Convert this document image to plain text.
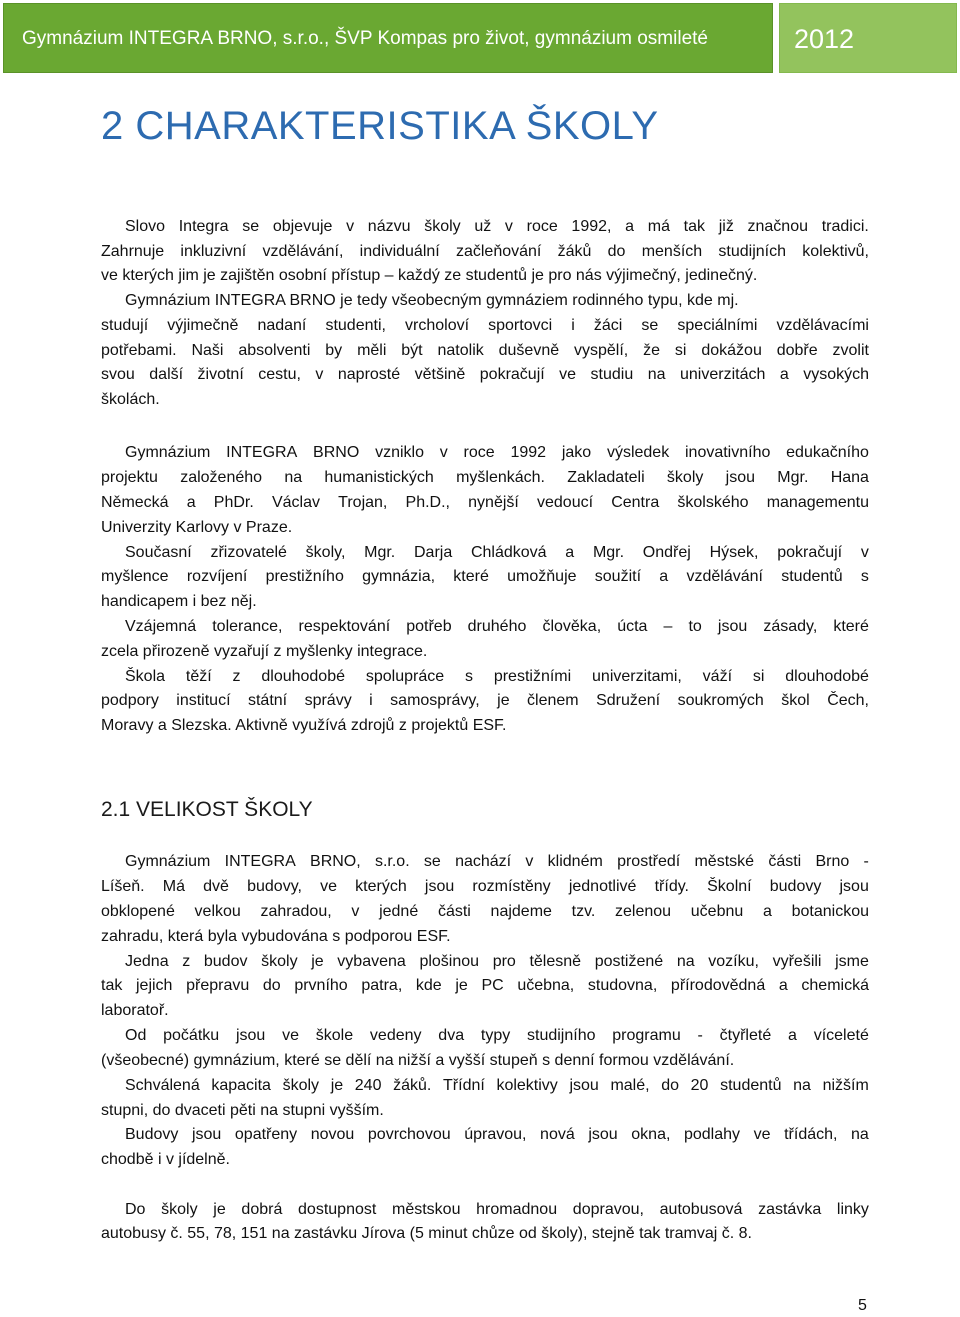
Gymnázium INTEGRA BRNO, s.r.o., ŠVP Kompas pro život, gymnázium osmileté	2012
2 CHARAKTERISTIKA ŠKOLY
Slovo Integra se objevuje v názvu školy už v roce 1992, a má tak již značnou tradici.
Zahrnuje inkluzivní vzdělávání, individuální začleňování žáků do menších studijních kolektivů,
ve kterých jim je zajištěn osobní přístup – každý ze studentů je pro nás výjimečný, jedinečný.
Gymnázium INTEGRA BRNO je tedy všeobecným gymnáziem rodinného typu, kde mj.
studují výjimečně nadaní studenti, vrcholoví sportovci i žáci se speciálními vzdělávacími
potřebami. Naši absolventi by měli být natolik duševně vyspělí, že si dokážou dobře zvolit
svou další životní cestu, v naprosté většině pokračují ve studiu na univerzitách a vysokých
školách.
Gymnázium INTEGRA BRNO vzniklo v roce 1992 jako výsledek inovativního edukačního
projektu založeného na humanistických myšlenkách. Zakladateli školy jsou Mgr. Hana
Německá a PhDr. Václav Trojan, Ph.D., nynější vedoucí Centra školského managementu
Univerzity Karlovy v Praze.
Současní zřizovatelé školy, Mgr. Darja Chládková a Mgr. Ondřej Hýsek, pokračují v
myšlence rozvíjení prestižního gymnázia, které umožňuje soužití a vzdělávání studentů s
handicapem i bez něj.
Vzájemná tolerance, respektování potřeb druhého člověka, úcta – to jsou zásady, které
zcela přirozeně vyzařují z myšlenky integrace.
Škola těží z dlouhodobé spolupráce s prestižními univerzitami, váží si dlouhodobé
podpory institucí státní správy i samosprávy, je členem Sdružení soukromých škol Čech,
Moravy a Slezska. Aktivně využívá zdrojů z projektů ESF.
2.1 VELIKOST ŠKOLY
Gymnázium INTEGRA BRNO, s.r.o. se nachází v klidném prostředí městské části Brno -
Líšeň. Má dvě budovy, ve kterých jsou rozmístěny jednotlivé třídy. Školní budovy jsou
obklopené velkou zahradou, v jedné části najdeme tzv. zelenou učebnu a botanickou
zahradu, která byla vybudována s podporou ESF.
Jedna z budov školy je vybavena plošinou pro tělesně postižené na vozíku, vyřešili jsme
tak jejich přepravu do prvního patra, kde je PC učebna, studovna, přírodovědná a chemická
laboratoř.
Od počátku jsou ve škole vedeny dva typy studijního programu - čtyřleté a víceleté
(všeobecné) gymnázium, které se dělí na nižší a vyšší stupeň s denní formou vzdělávání.
Schválená kapacita školy je 240 žáků. Třídní kolektivy jsou malé, do 20 studentů na nižším
stupni, do dvaceti pěti na stupni vyšším.
Budovy jsou opatřeny novou povrchovou úpravou, nová jsou okna, podlahy ve třídách, na
chodbě i v jídelně.
Do školy je dobrá dostupnost městskou hromadnou dopravou, autobusová zastávka linky
autobusy č. 55, 78, 151 na zastávku Jírova (5 minut chůze od školy), stejně tak tramvaj č. 8.
5
